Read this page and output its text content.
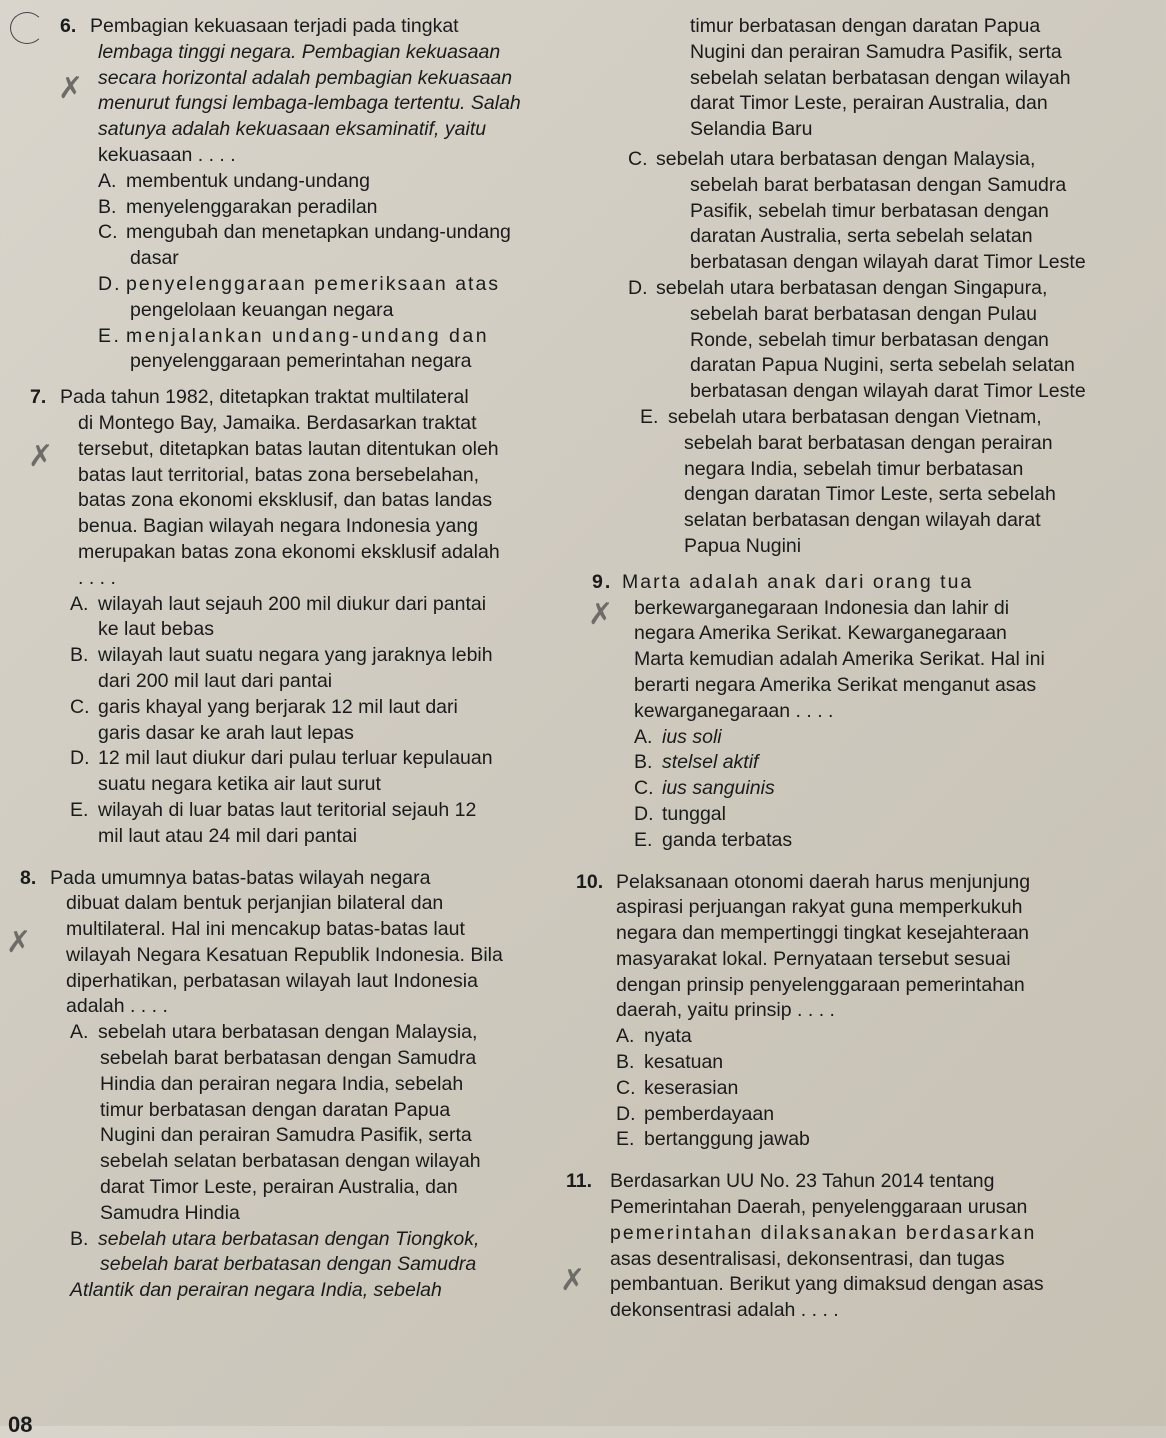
✗
✗
✗
✗
✗
6. Pembagian kekuasaan terjadi pada tingkat
lembaga tinggi negara. Pembagian kekuasaan
secara horizontal adalah pembagian kekuasaan
menurut fungsi lembaga-lembaga tertentu. Salah
satunya adalah kekuasaan eksaminatif, yaitu
kekuasaan . . . .
A. membentuk undang-undang
B. menyelenggarakan peradilan
C. mengubah dan menetapkan undang-undang
dasar
D. penyelenggaraan pemeriksaan atas
pengelolaan keuangan negara
E. menjalankan undang-undang dan
penyelenggaraan pemerintahan negara
7. Pada tahun 1982, ditetapkan traktat multilateral
di Montego Bay, Jamaika. Berdasarkan traktat
tersebut, ditetapkan batas lautan ditentukan oleh
batas laut territorial, batas zona bersebelahan,
batas zona ekonomi eksklusif, dan batas landas
benua. Bagian wilayah negara Indonesia yang
merupakan batas zona ekonomi eksklusif adalah
. . . .
A. wilayah laut sejauh 200 mil diukur dari pantai
ke laut bebas
B. wilayah laut suatu negara yang jaraknya lebih
dari 200 mil laut dari pantai
C. garis khayal yang berjarak 12 mil laut dari
garis dasar ke arah laut lepas
D. 12 mil laut diukur dari pulau terluar kepulauan
suatu negara ketika air laut surut
E. wilayah di luar batas laut teritorial sejauh 12
mil laut atau 24 mil dari pantai
8. Pada umumnya batas-batas wilayah negara
dibuat dalam bentuk perjanjian bilateral dan
multilateral. Hal ini mencakup batas-batas laut
wilayah Negara Kesatuan Republik Indonesia. Bila
diperhatikan, perbatasan wilayah laut Indonesia
adalah . . . .
A. sebelah utara berbatasan dengan Malaysia,
sebelah barat berbatasan dengan Samudra
Hindia dan perairan negara India, sebelah
timur berbatasan dengan daratan Papua
Nugini dan perairan Samudra Pasifik, serta
sebelah selatan berbatasan dengan wilayah
darat Timor Leste, perairan Australia, dan
Samudra Hindia
B. sebelah utara berbatasan dengan Tiongkok,
sebelah barat berbatasan dengan Samudra
Atlantik dan perairan negara India, sebelah
08
timur berbatasan dengan daratan Papua
Nugini dan perairan Samudra Pasifik, serta
sebelah selatan berbatasan dengan wilayah
darat Timor Leste, perairan Australia, dan
Selandia Baru
C. sebelah utara berbatasan dengan Malaysia,
sebelah barat berbatasan dengan Samudra
Pasifik, sebelah timur berbatasan dengan
daratan Australia, serta sebelah selatan
berbatasan dengan wilayah darat Timor Leste
D. sebelah utara berbatasan dengan Singapura,
sebelah barat berbatasan dengan Pulau
Ronde, sebelah timur berbatasan dengan
daratan Papua Nugini, serta sebelah selatan
berbatasan dengan wilayah darat Timor Leste
E. sebelah utara berbatasan dengan Vietnam,
sebelah barat berbatasan dengan perairan
negara India, sebelah timur berbatasan
dengan daratan Timor Leste, serta sebelah
selatan berbatasan dengan wilayah darat
Papua Nugini
9. Marta adalah anak dari orang tua
berkewarganegaraan Indonesia dan lahir di
negara Amerika Serikat. Kewarganegaraan
Marta kemudian adalah Amerika Serikat. Hal ini
berarti negara Amerika Serikat menganut asas
kewarganegaraan . . . .
A. ius soli
B. stelsel aktif
C. ius sanguinis
D. tunggal
E. ganda terbatas
10. Pelaksanaan otonomi daerah harus menjunjung
aspirasi perjuangan rakyat guna memperkukuh
negara dan mempertinggi tingkat kesejahteraan
masyarakat lokal. Pernyataan tersebut sesuai
dengan prinsip penyelenggaraan pemerintahan
daerah, yaitu prinsip . . . .
A. nyata
B. kesatuan
C. keserasian
D. pemberdayaan
E. bertanggung jawab
11. Berdasarkan UU No. 23 Tahun 2014 tentang
Pemerintahan Daerah, penyelenggaraan urusan
pemerintahan dilaksanakan berdasarkan
asas desentralisasi, dekonsentrasi, dan tugas
pembantuan. Berikut yang dimaksud dengan asas
dekonsentrasi adalah . . . .
